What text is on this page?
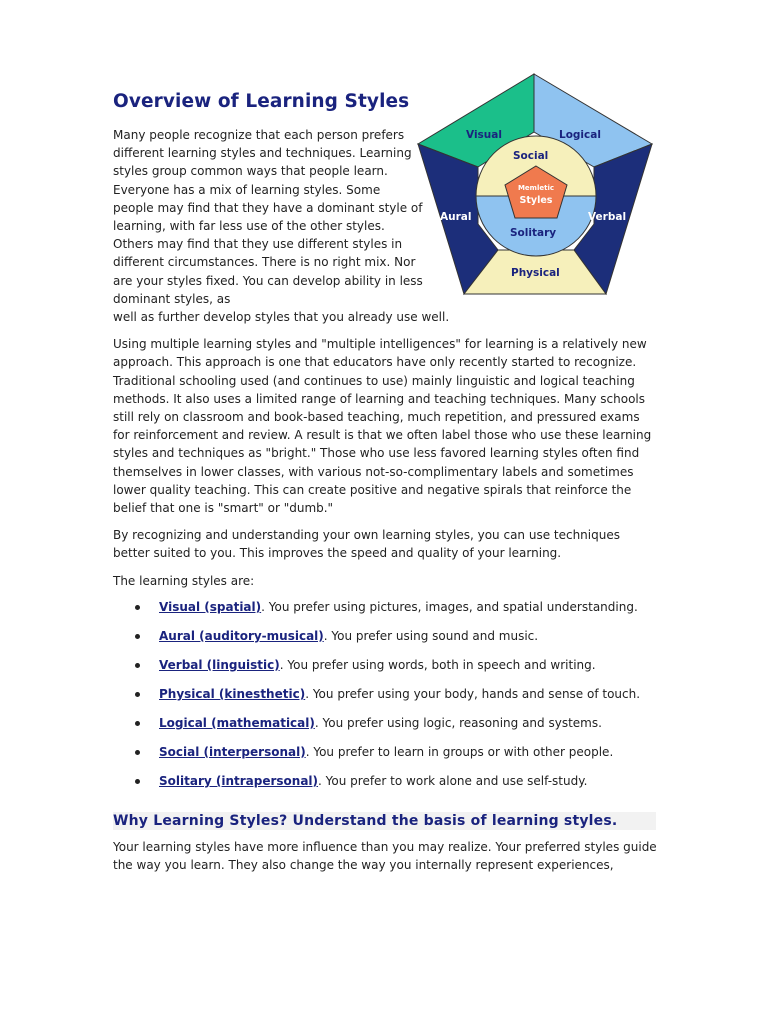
Overview of Learning Styles
Visual	Logical
Social
Aural	Verbal
Solitary
Physical
Memletic
Styles

Many people recognize that each person prefers different learning styles and techniques. Learning styles group common ways that people learn. Everyone has a mix of learning styles. Some people may find that they have a dominant style of learning, with far less use of the other styles. Others may find that they use different styles in different circumstances. There is no right mix. Nor are your styles fixed. You can develop ability in less dominant styles, as
well as further develop styles that you already use well.

Using multiple learning styles and "multiple intelligences" for learning is a relatively new approach. This approach is one that educators have only recently started to recognize. Traditional schooling used (and continues to use) mainly linguistic and logical teaching methods. It also uses a limited range of learning and teaching techniques. Many schools still rely on classroom and book-based teaching, much repetition, and pressured exams for reinforcement and review. A result is that we often label those who use these learning styles and techniques as "bright." Those who use less favored learning styles often find themselves in lower classes, with various not-so-complimentary labels and sometimes lower quality teaching. This can create positive and negative spirals that reinforce the belief that one is "smart" or "dumb."

By recognizing and understanding your own learning styles, you can use techniques better suited to you. This improves the speed and quality of your learning.

The learning styles are:

Visual (spatial). You prefer using pictures, images, and spatial understanding.
Aural (auditory-musical). You prefer using sound and music.
Verbal (linguistic). You prefer using words, both in speech and writing.
Physical (kinesthetic). You prefer using your body, hands and sense of touch.
Logical (mathematical). You prefer using logic, reasoning and systems.
Social (interpersonal). You prefer to learn in groups or with other people.
Solitary (intrapersonal). You prefer to work alone and use self-study.
Why Learning Styles? Understand the basis of learning styles.

Your learning styles have more influence than you may realize. Your preferred styles guide the way you learn. They also change the way you internally represent experiences,
